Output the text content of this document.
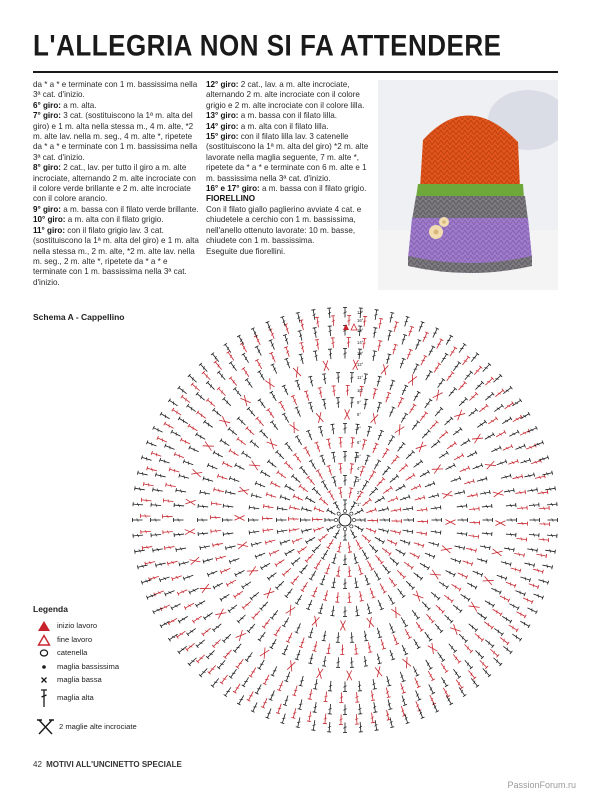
L'ALLEGRIA NON SI FA ATTENDERE

da * a * e terminate con 1 m. bassissima nella 3ª cat. d'inizio.

6° giro: a m. alta.

7° giro: 3 cat. (sostituiscono la 1ª m. alta del giro) e 1 m. alta nella stessa m., 4 m. alte, *2 m. alte lav. nella m. seg., 4 m. alte *, ripetete da * a * e terminate con 1 m. bassissima nella 3ª cat. d'inizio.

8° giro: 2 cat., lav. per tutto il giro a m. alte incrociate, alternando 2 m. alte incrociate con il colore verde brillante e 2 m. alte incrociate con il colore arancio.

9° giro: a m. bassa con il filato verde brillante.

10° giro: a m. alta con il filato grigio.

11° giro: con il filato grigio lav. 3 cat. (sostituiscono la 1ª m. alta del giro) e 1 m. alta nella stessa m., 2 m. alte, *2 m. alte lav. nella m. seg., 2 m. alte *, ripetete da * a * e terminate con 1 m. bassissima nella 3ª cat. d'inizio.

12° giro: 2 cat., lav. a m. alte incrociate, alternando 2 m. alte incrociate con il colore grigio e 2 m. alte incrociate con il colore lilla.

13° giro: a m. bassa con il filato lilla.

14° giro: a m. alta con il filato lilla.

15° giro: con il filato lilla lav. 3 catenelle (sostituiscono la 1ª m. alta del giro) *2 m. alte lavorate nella maglia seguente, 7 m. alte *, ripetete da * a * e terminate con 6 m. alte e 1 m. bassissima nella 3ª cat. d'inizio.

16° e 17° giro: a m. bassa con il filato grigio.

FIORELLINO

Con il filato giallo paglierino avviate 4 cat. e chiudetele a cerchio con 1 m. bassissima, nell'anello ottenuto lavorate: 10 m. basse, chiudete con 1 m. bassissima.

Eseguite due fiorellini.

Schema A - Cappellino
1°
2°
3°
4°
5°
6°
7°
8°
9°
10°
11°
12°
13°
14°
15°
16°
17°
Legenda
inizio lavoro
fine lavoro
catenella
maglia bassissima
maglia bassa
maglia alta
2 maglie alte incrociate
42 MOTIVI ALL'UNCINETTO SPECIALE
PassionForum.ru
